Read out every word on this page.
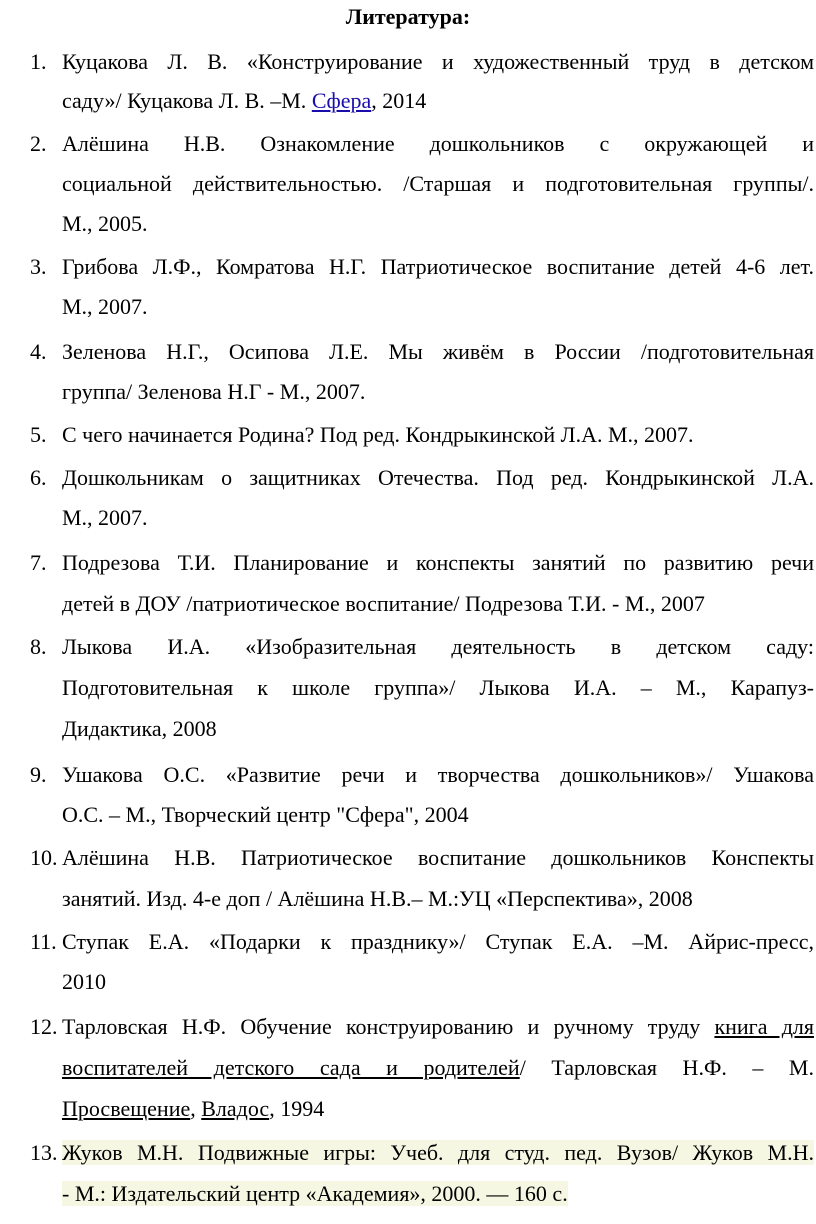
Литература:
1. Куцакова Л. В. «Конструирование и художественный труд в детском
саду»/ Куцакова Л. В. –М. Сфера, 2014
2. Алёшина Н.В. Ознакомление дошкольников с окружающей и
социальной действительностью. /Старшая и подготовительная группы/.
М., 2005.
3. Грибова Л.Ф., Комратова Н.Г. Патриотическое воспитание детей 4-6 лет.
М., 2007.
4. Зеленова Н.Г., Осипова Л.Е. Мы живём в России /подготовительная
группа/ Зеленова Н.Г - М., 2007.
5. С чего начинается Родина? Под ред. Кондрыкинской Л.А. М., 2007.
6. Дошкольникам о защитниках Отечества. Под ред. Кондрыкинской Л.А.
М., 2007.
7. Подрезова Т.И. Планирование и конспекты занятий по развитию речи
детей в ДОУ /патриотическое воспитание/ Подрезова Т.И. - М., 2007
8. Лыкова И.А. «Изобразительная деятельность в детском саду:
Подготовительная к школе группа»/ Лыкова И.А. – М., Карапуз-
Дидактика, 2008
9. Ушакова О.С. «Развитие речи и творчества дошкольников»/ Ушакова
О.С. – М., Творческий центр "Сфера", 2004
10. Алёшина Н.В. Патриотическое воспитание дошкольников Конспекты
занятий. Изд. 4-е доп / Алёшина Н.В.– М.:УЦ «Перспектива», 2008
11. Ступак Е.А. «Подарки к празднику»/ Ступак Е.А. –М. Айрис-пресс,
2010
12. Тарловская Н.Ф. Обучение конструированию и ручному труду книга для
воспитателей детского сада и родителей/ Тарловская Н.Ф. – М.
Просвещение, Владос, 1994
13. Жуков М.Н. Подвижные игры: Учеб. для студ. пед. Вузов/ Жуков М.Н.
- М.: Издательский центр «Академия», 2000. — 160 с.
